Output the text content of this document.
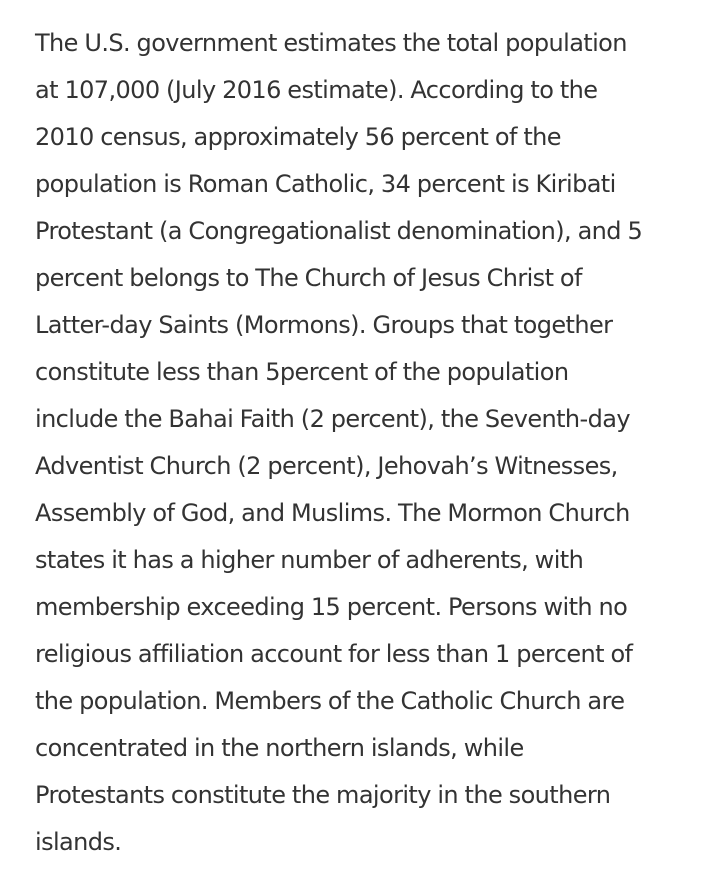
The U.S. government estimates the total population
at 107,000 (July 2016 estimate). According to the
2010 census, approximately 56 percent of the
population is Roman Catholic, 34 percent is Kiribati
Protestant (a Congregationalist denomination), and 5
percent belongs to The Church of Jesus Christ of
Latter-day Saints (Mormons). Groups that together
constitute less than 5percent of the population
include the Bahai Faith (2 percent), the Seventh-day
Adventist Church (2 percent), Jehovah’s Witnesses,
Assembly of God, and Muslims. The Mormon Church
states it has a higher number of adherents, with
membership exceeding 15 percent. Persons with no
religious affiliation account for less than 1 percent of
the population. Members of the Catholic Church are
concentrated in the northern islands, while
Protestants constitute the majority in the southern
islands.
